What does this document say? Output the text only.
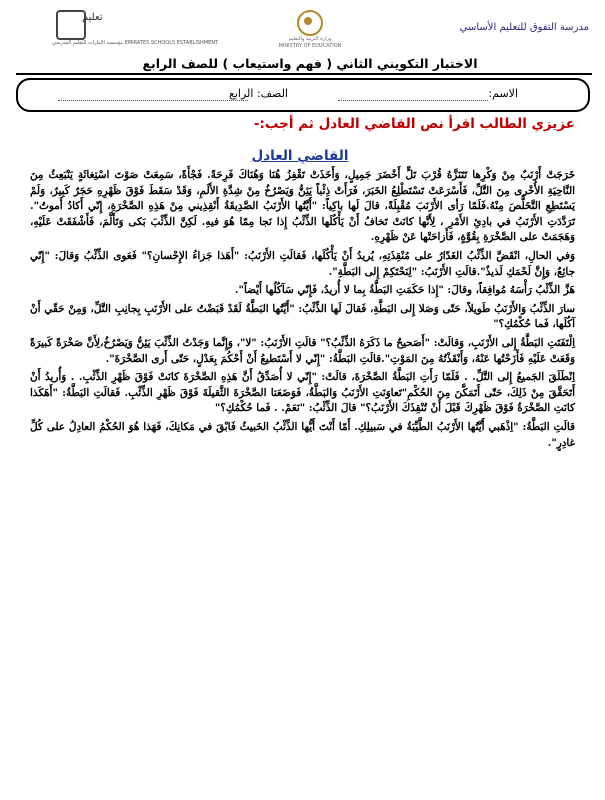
مدرسة التفوق للتعليم الأساسي
وزارة التربية والتعليم
MINISTRY OF EDUCATION
تعليم
مؤسسة الإمارات للتعليم المدرسي EMIRATES SCHOOLS ESTABLISHMENT
الاختبار التكويني الثاني ( فهم واستيعاب ) للصف الرابع
الاسم:
الصف: الرابع
عزيزي الطالب اقرأ نص القاضي العادل ثم أجب:-
القاضي العادل

خَرَجَتْ أَرْنَبٌ مِنْ وَكْرِها تَتَنَزَّهُ قُرْبَ تَلٍّ أَخْضَرَ جَمِيلٍ، وَأَخَذَتْ تَقْفِزُ هُنَا وَهُنَاكَ فَرِحَةً. فَجْأَةً، سَمِعَتْ صَوْتَ اسْتِغاثَةٍ يَنْبَعِثُ مِنَ النَّاحِيَةِ الأُخْرى مِنَ التَّلِّ، فَأَسْرَعَتْ تَسْتَطْلِعُ الخَبَرَ، فَرَأَتْ ذِئْباً يَئِنُّ وَيَصْرُخُ مِنْ شِدَّةِ الأَلَمِ، وَقَدْ سَقَطَ فَوْقَ ظَهْرِهِ حَجَرٌ كَبِيرٌ، وَلَمْ يَسْتَطِعِ التَّخَلُّصَ مِنْهُ.فَلَمّا رَأى الأَرْنَبَ مُقْبِلَةً، قالَ لَها باكِياً: "أَيَّتُها الأَرْنَبُ الصَّدِيقَةُ أَنْقِذِيني مِنْ هَذِهِ الصَّخْرَةِ، إِنّي أَكادُ أَموتُ". تَرَدَّدَتِ الأَرْنَبُ في بادِئِ الأَمْرِ ، لِأَنَّها كانَتْ تَخافُ أَنْ يَأْكُلَها الذِّئْبُ إِذا نَجا مِمّا هُوَ فيهِ. لَكِنَّ الذِّئْبَ بَكى وَتَأَلَّمَ، فَأَشْفَقَتْ عَلَيْهِ، وَهَجَمَتْ على الصَّخْرَةِ بِقُوَّةٍ، فَأَزاحَتْها عَنْ ظَهْرِهِ.

وَفي الحالِ، انْقَضَّ الذِّئْبُ الغَدّارُ على مُنْقِذَتِهِ، يُريدُ أَنْ يَأْكُلَها، فَقالَتِ الأَرْنَبُ: "أَهَذا جَزاءُ الإِحْسانِ؟" فَعَوى الذِّئْبُ وَقالَ: "إِنّي جائِعٌ، وَإِنَّ لَحْمَكِ لَذيذٌ".قالَتِ الأَرْنَبُ: "لِنَحْتَكِمْ إِلى البَطَّةِ".

هَزَّ الذِّئْبُ رَأْسَهُ مُوافِقاً، وقالَ: "إِذا حَكَمَتِ البَطَّةُ بِما لا أُريدُ، فَإِنّي سَآكُلُها أَيْضاً".

سارَ الذِّئْبُ وَالأَرْنَبُ طَويلاً، حَتّى وَصَلا إِلى البَطَّةِ، فَقالَ لَها الذِّئْبُ: "أَيَّتُها البَطَّةُ لَقَدْ قَبَضْتُ على الأَرْنَبِ بِجانِبِ التَّلِّ، وَمِنْ حَقّي أَنْ آكُلَها، فَما حُكْمُكِ؟"

اِلْتَفَتَتِ البَطَّةُ إِلى الأَرْنَبِ، وَقالَتْ: "أَصَحيحٌ ما ذَكَرَهُ الذِّئْبُ؟" قالَتِ الأَرْنَبُ: "لا"، وَإِنَّما وَجَدْتُ الذِّئْبَ يَئِنُّ وَيَصْرُخُ،لِأَنَّ صَخْرَةً كَبيرَةً وَقَعَتْ عَلَيْهِ فَأَزَحْتُها عَنْهُ، وَأَنْقَذْتُهُ مِنَ المَوْتِ".قالَتِ البَطَّةُ: "إِنّي لا أَسْتَطيعُ أَنْ أَحْكُمَ بِعَدْلٍ، حَتّى أَرى الصَّخْرَةَ".

اِنْطَلَقَ الجَميعُ إِلى التَّلِّ. . فَلَمّا رَأَتِ البَطَّةُ الصَّخْرَةَ، قالَتْ: "إِنّي لا أُصَدِّقُ أَنَّ هَذِهِ الصَّخْرَةَ كانَتْ فَوْقَ ظَهْرِ الذِّئْبِ. . وَأُريدُ أَنْ أَتَحَقَّقَ مِنْ ذَلِكَ، حَتّى أَتَمَكَّنَ مِنَ الحُكْمِ"تَعاوَنَتِ الأَرْنَبُ وَالبَطَّةُ، فَوَضَعَتا الصَّخْرَةَ الثَّقيلَةَ فَوْقَ ظَهْرِ الذِّئْبِ. فَقالَتِ البَطَّةُ: "أَهَكَذا كانَتِ الصَّخْرَةُ فَوْقَ ظَهْرِكَ قَبْلَ أَنْ تُنْقِذَكَ الأَرْنَبُ؟" قالَ الذِّئْبُ: "نَعَمْ. . فَما حُكْمُكِ؟"

قالَتِ البَطَّةُ: "اِذْهَبي أَيَّتُها الأَرْنَبُ الطَّيِّبَةُ في سَبيلِكِ. أَمّا أَنْتَ أَيُّها الذِّئْبُ الخَبيثُ فَابْقَ في مَكانِكَ، فَهَذا هُوَ الحُكْمُ العادِلُ على كُلِّ غادِرٍ".
